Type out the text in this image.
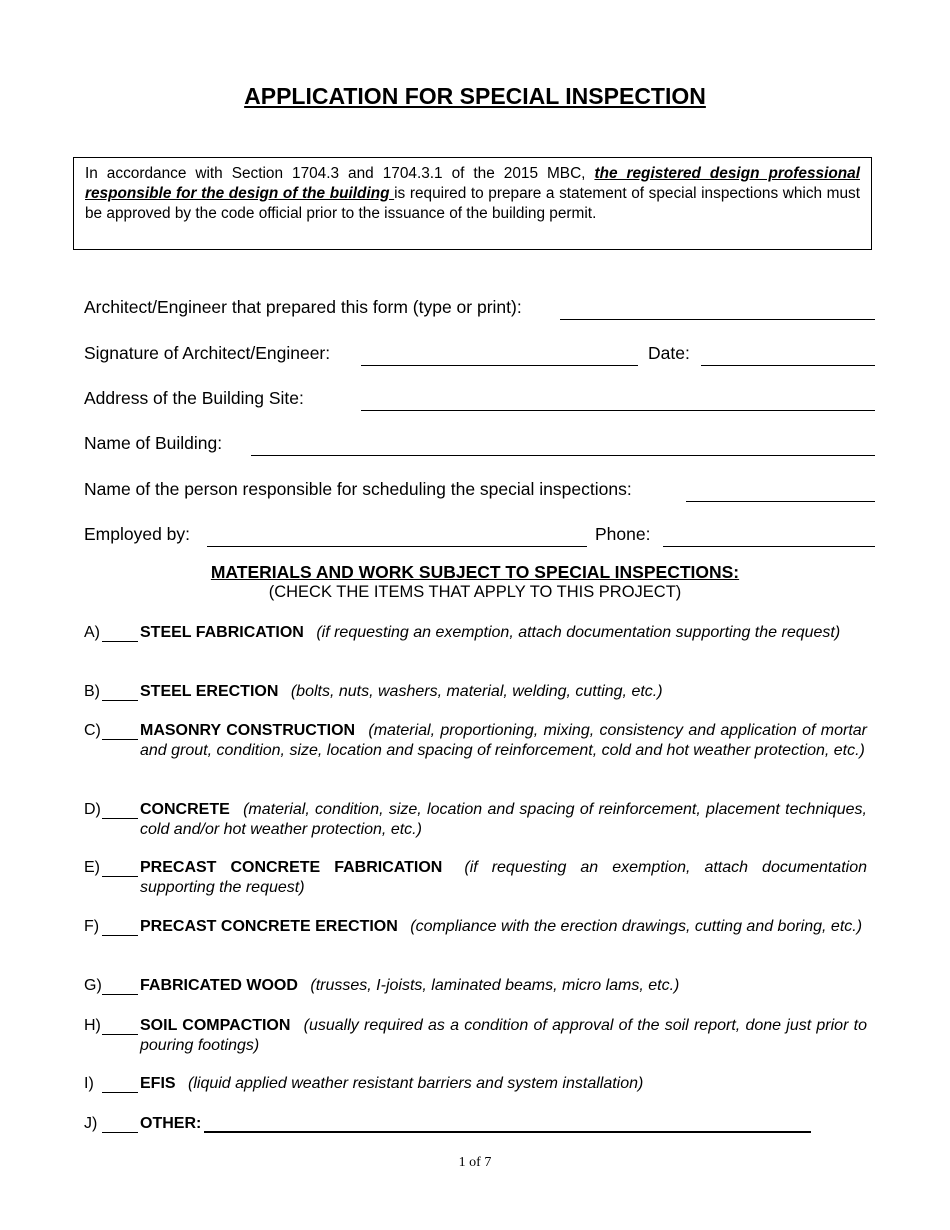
APPLICATION FOR SPECIAL INSPECTION
In accordance with Section 1704.3 and 1704.3.1 of the 2015 MBC, the registered design professional responsible for the design of the building is required to prepare a statement of special inspections which must be approved by the code official prior to the issuance of the building permit.
Architect/Engineer that prepared this form (type or print):
Signature of Architect/Engineer:	Date:
Address of the Building Site:
Name of Building:
Name of the person responsible for scheduling the special inspections:
Employed by:	Phone:
MATERIALS AND WORK SUBJECT TO SPECIAL INSPECTIONS:
(CHECK THE ITEMS THAT APPLY TO THIS PROJECT)
A)	STEEL FABRICATION (if requesting an exemption, attach documentation supporting the request)
B)	STEEL ERECTION (bolts, nuts, washers, material, welding, cutting, etc.)
C) MASONRY CONSTRUCTION (material, proportioning, mixing, consistency and application of mortar and grout, condition, size, location and spacing of reinforcement, cold and hot weather protection, etc.)
D) CONCRETE (material, condition, size, location and spacing of reinforcement, placement techniques, cold and/or hot weather protection, etc.)
E)	PRECAST CONCRETE FABRICATION (if requesting an exemption, attach documentation supporting the request)
F)	PRECAST CONCRETE ERECTION (compliance with the erection drawings, cutting and boring, etc.)
G) FABRICATED WOOD (trusses, I-joists, laminated beams, micro lams, etc.)
H) SOIL COMPACTION (usually required as a condition of approval of the soil report, done just prior to pouring footings)
I)	EFIS (liquid applied weather resistant barriers and system installation)
J)	OTHER:
1 of 7
